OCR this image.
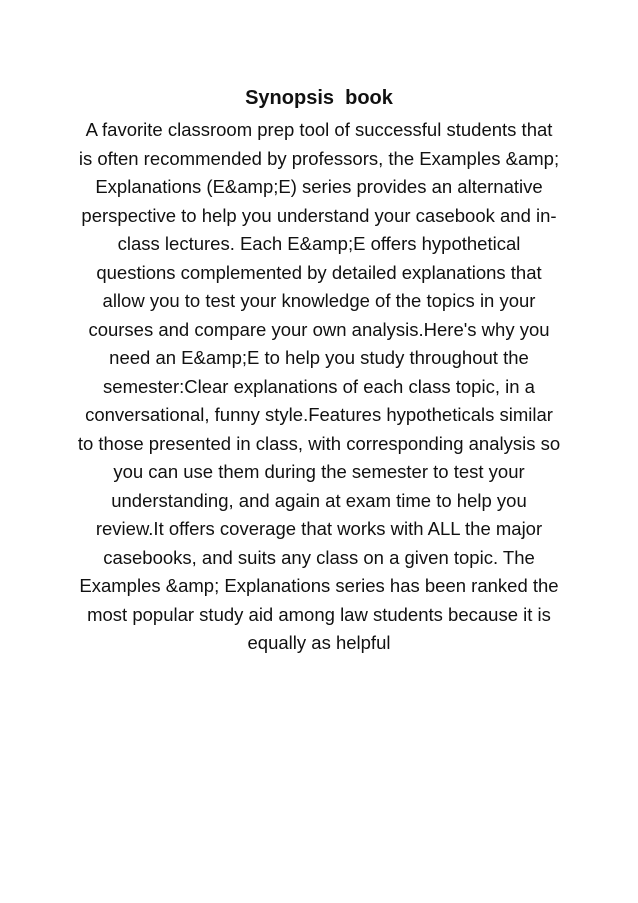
Synopsis  book
A favorite classroom prep tool of successful students that
is often recommended by professors, the Examples &amp;
Explanations (E&amp;E) series provides an alternative
perspective to help you understand your casebook and in-
class lectures. Each E&amp;E offers hypothetical
questions complemented by detailed explanations that
allow you to test your knowledge of the topics in your
courses and compare your own analysis.Here's why you
need an E&amp;E to help you study throughout the
semester:Clear explanations of each class topic, in a
conversational, funny style.Features hypotheticals similar
to those presented in class, with corresponding analysis so
you can use them during the semester to test your
understanding, and again at exam time to help you
review.It offers coverage that works with ALL the major
casebooks, and suits any class on a given topic. The
Examples &amp; Explanations series has been ranked the
most popular study aid among law students because it is
equally as helpful
